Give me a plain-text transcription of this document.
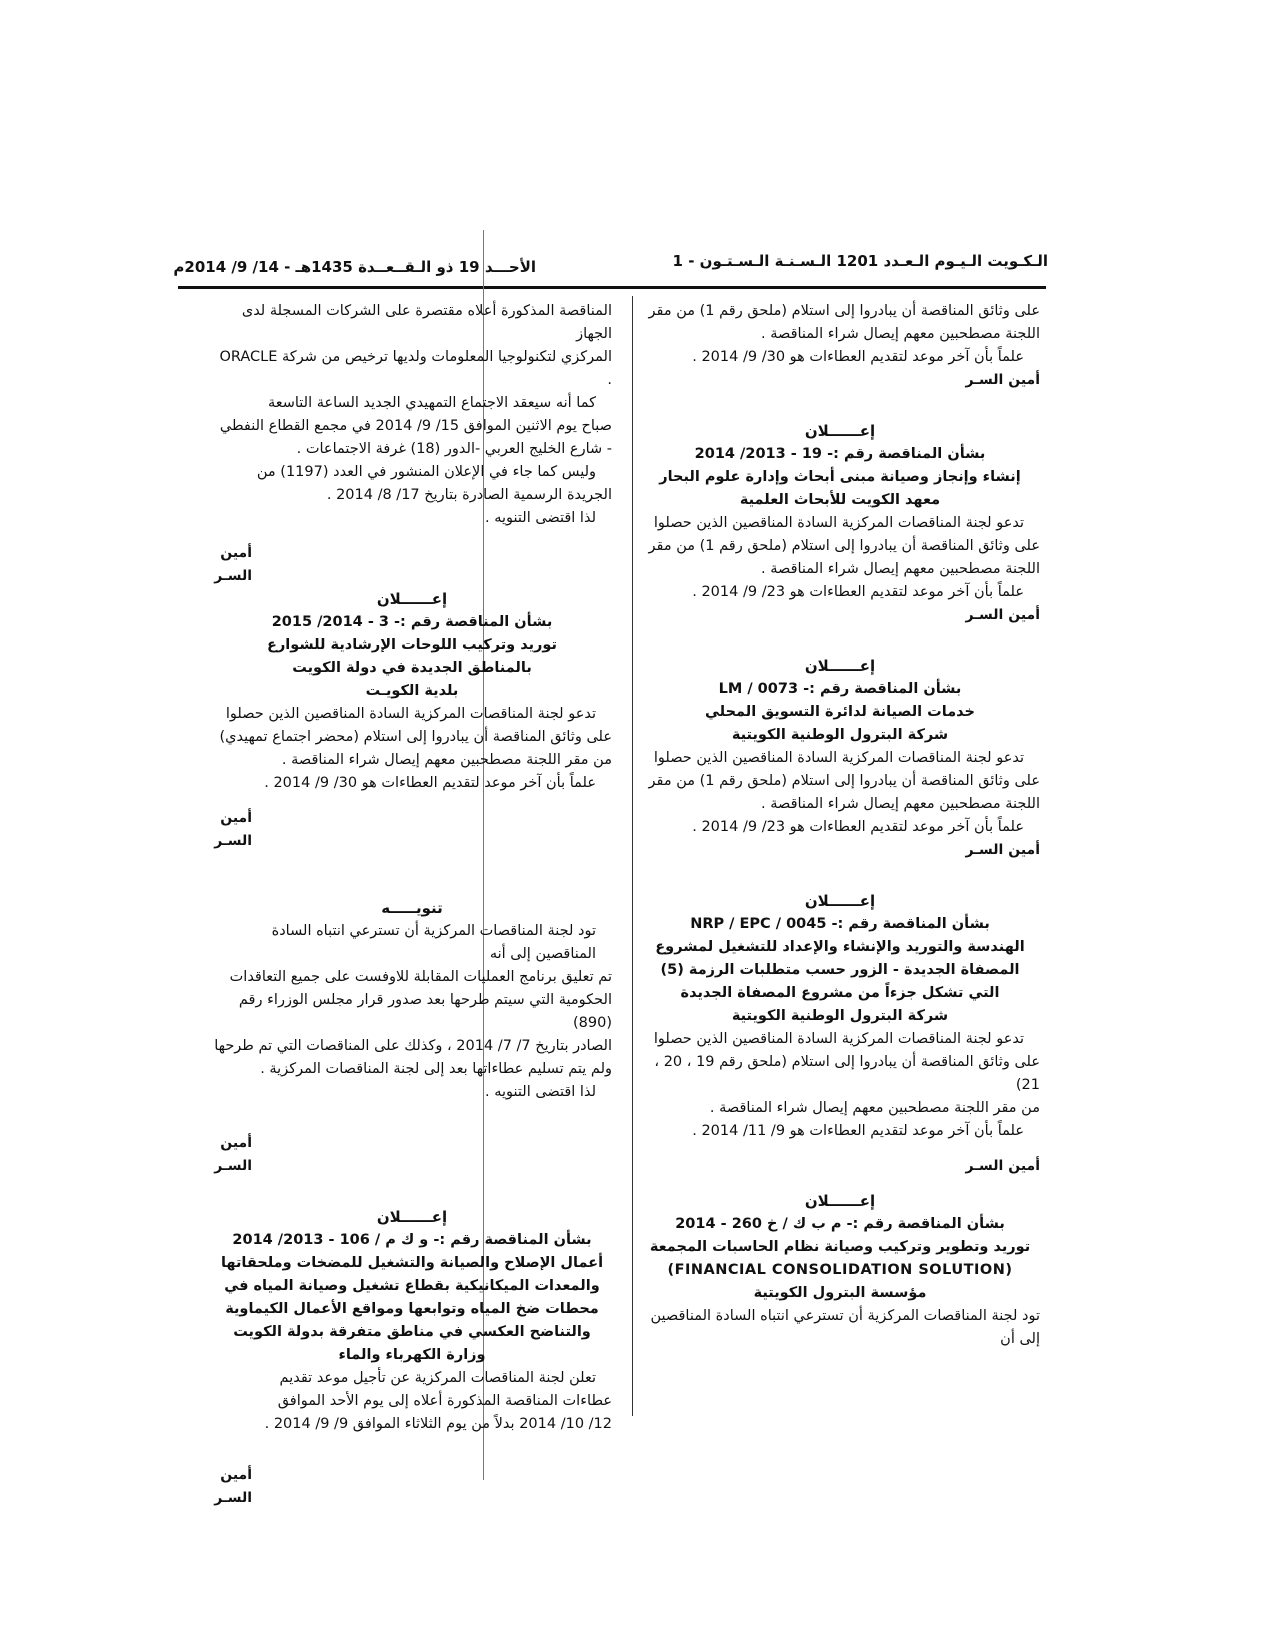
الأحـــد 19 ذو الـقــعــدة 1435هـ - 14/ 9/ 2014م	الـكـويت الـيـوم الـعـدد 1201 الـسـنـة الـسـتـون - 1

على وثائق المناقصة أن يبادروا إلى استلام (ملحق رقم 1) من مقر

اللجنة مصطحبين معهم إيصال شراء المناقصة .

علماً بأن آخر موعد لتقديم العطاءات هو 30/ 9/ 2014 .

أمين السـر

إعــــــلان

بشأن المناقصة رقم :- 19 - 2013/ 2014

إنشاء وإنجاز وصيانة مبنى أبحاث وإدارة علوم البحار

معهد الكويت للأبحاث العلمية

تدعو لجنة المناقصات المركزية السادة المناقصين الذين حصلوا

على وثائق المناقصة أن يبادروا إلى استلام (ملحق رقم 1) من مقر

اللجنة مصطحبين معهم إيصال شراء المناقصة .

علماً بأن آخر موعد لتقديم العطاءات هو 23/ 9/ 2014 .

أمين السـر

إعــــــلان

بشأن المناقصة رقم :- LM / 0073

خدمات الصيانة لدائرة التسويق المحلي

شركة البترول الوطنية الكويتية

تدعو لجنة المناقصات المركزية السادة المناقصين الذين حصلوا

على وثائق المناقصة أن يبادروا إلى استلام (ملحق رقم 1) من مقر

اللجنة مصطحبين معهم إيصال شراء المناقصة .

علماً بأن آخر موعد لتقديم العطاءات هو 23/ 9/ 2014 .

أمين السـر

إعــــــلان

بشأن المناقصة رقم :- NRP / EPC / 0045

الهندسة والتوريد والإنشاء والإعداد للتشغيل لمشروع

المصفاة الجديدة - الزور حسب متطلبات الرزمة (5)

التي تشكل جزءاً من مشروع المصفاة الجديدة

شركة البترول الوطنية الكويتية

تدعو لجنة المناقصات المركزية السادة المناقصين الذين حصلوا

على وثائق المناقصة أن يبادروا إلى استلام (ملحق رقم 19 ، 20 ، 21)

من مقر اللجنة مصطحبين معهم إيصال شراء المناقصة .

علماً بأن آخر موعد لتقديم العطاءات هو 9/ 11/ 2014 .

أمين السـر

إعــــــلان

بشأن المناقصة رقم :- م ب ك / خ 260 - 2014

توريد وتطوير وتركيب وصيانة نظام الحاسبات المجمعة

(FINANCIAL CONSOLIDATION SOLUTION)

مؤسسة البترول الكويتية

تود لجنة المناقصات المركزية أن تسترعي انتباه السادة المناقصين إلى أن

المناقصة المذكورة أعلاه مقتصرة على الشركات المسجلة لدى الجهاز

المركزي لتكنولوجيا المعلومات ولديها ترخيص من شركة ORACLE .

كما أنه سيعقد الاجتماع التمهيدي الجديد الساعة التاسعة

صباح يوم الاثنين الموافق 15/ 9/ 2014 في مجمع القطاع النفطي

- شارع الخليج العربي -الدور (18) غرفة الاجتماعات .

وليس كما جاء في الإعلان المنشور في العدد (1197) من

الجريدة الرسمية الصادرة بتاريخ 17/ 8/ 2014 .

لذا اقتضى التنويه .

أمين السـر

إعــــــلان

بشأن المناقصة رقم :- 3 - 2014/ 2015

توريد وتركيب اللوحات الإرشادية للشوارع

بالمناطق الجديدة في دولة الكويت

بلدية الكويـت

تدعو لجنة المناقصات المركزية السادة المناقصين الذين حصلوا

على وثائق المناقصة أن يبادروا إلى استلام (محضر اجتماع تمهيدي)

من مقر اللجنة مصطحبين معهم إيصال شراء المناقصة .

علماً بأن آخر موعد لتقديم العطاءات هو 30/ 9/ 2014 .

أمين السـر

تنويـــــه

تود لجنة المناقصات المركزية أن تسترعي انتباه السادة المناقصين إلى أنه

تم تعليق برنامج العمليات المقابلة للاوفست على جميع التعاقدات

الحكومية التي سيتم طرحها بعد صدور قرار مجلس الوزراء رقم (890)

الصادر بتاريخ 7/ 7/ 2014 ، وكذلك على المناقصات التي تم طرحها

ولم يتم تسليم عطاءاتها بعد إلى لجنة المناقصات المركزية .

لذا اقتضى التنويه .

أمين السـر

إعــــــلان

بشأن المناقصة رقم :- و ك م / 106 - 2013/ 2014

أعمال الإصلاح والصيانة والتشغيل للمضخات وملحقاتها

والمعدات الميكانيكية بقطاع تشغيل وصيانة المياه في

محطات ضخ المياه وتوابعها ومواقع الأعمال الكيماوية

والتناضح العكسي في مناطق متفرقة بدولة الكويت

وزارة الكهرباء والماء

تعلن لجنة المناقصات المركزية عن تأجيل موعد تقديم

عطاءات المناقصة المذكورة أعلاه إلى يوم الأحد الموافق

12/ 10/ 2014 بدلاً من يوم الثلاثاء الموافق 9/ 9/ 2014 .

أمين السـر
